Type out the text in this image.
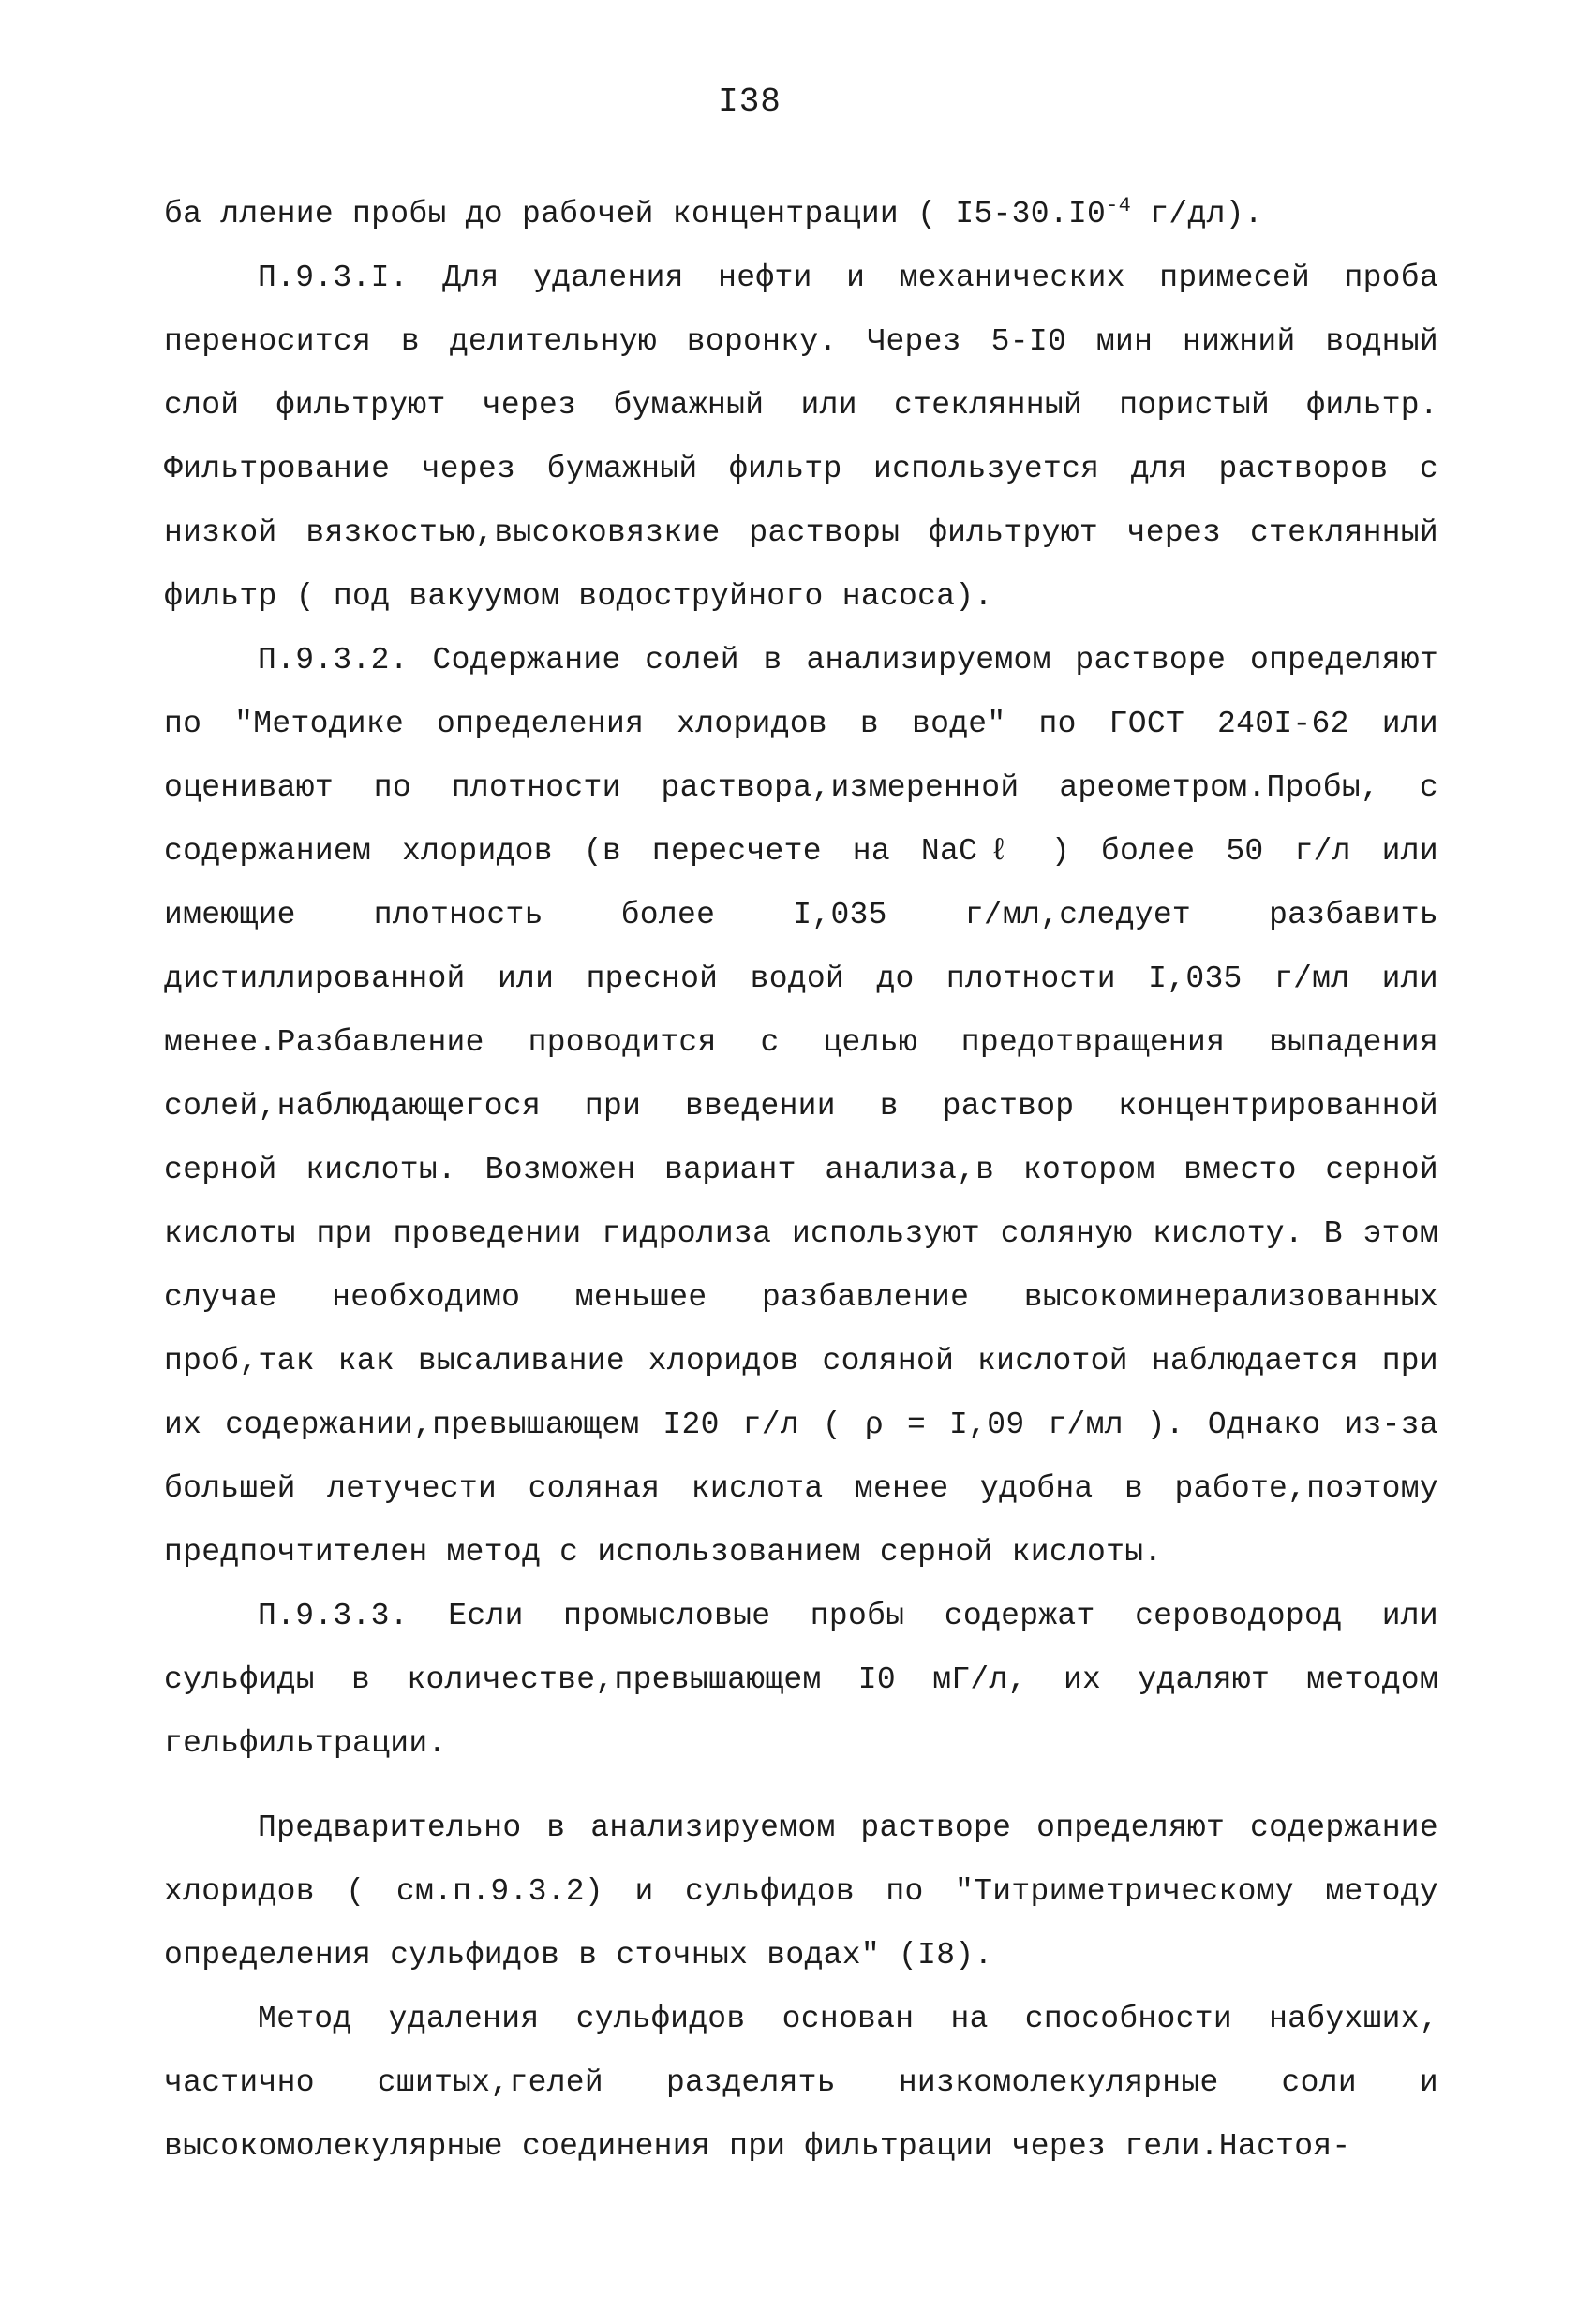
I38

бa лление пробы до рабочей концентрации ( $I5-30.I0^{-4}$ г/дл).

П.9.3.I. Для удаления нефти и механических примесей проба переносится в делительную воронку. Через 5-I0 мин нижний водный слой фильтруют через бумажный или стеклянный пористый фильтр. Фильтрование через бумажный фильтр используется для растворов с низкой вязкостью,высоковязкие растворы фильтруют через стеклянный фильтр ( под вакуумом водоструйного насоса).

П.9.3.2. Содержание солей в анализируемом растворе определяют по "Методике определения хлоридов в воде" по ГОСТ 240I-62 или оценивают по плотности раствора,измеренной ареометром.Пробы, с содержанием хлоридов (в пересчете на NaCℓ ) более 50 г/л или имеющие плотность более I,035 г/мл,следует разбавить дистиллированной или пресной водой до плотности I,035 г/мл или менее.Разбавление проводится с целью предотвращения выпадения солей,наблюдающегося при введении в раствор концентрированной серной кислоты. Возможен вариант анализа,в котором вместо серной кислоты при проведении гидролиза используют соляную кислоту. В этом случае необходимо меньшее разбавление высокоминерализованных проб,так как высаливание хлоридов соляной кислотой наблюдается при их содержании,превышающем I20 г/л ( ρ = I,09 г/мл ). Однако из-за большей летучести соляная кислота менее удобна в работе,поэтому предпочтителен метод с использованием серной кислоты.

П.9.3.3. Если промысловые пробы содержат сероводород или сульфиды в количестве,превышающем I0 мГ/л, их удаляют методом гельфильтрации.

Предварительно в анализируемом растворе определяют содержание хлоридов ( см.п.9.3.2) и сульфидов по "Титриметрическому методу определения сульфидов в сточных водах" (I8).

Метод удаления сульфидов основан на способности набухших, частично сшитых,гелей разделять низкомолекулярные соли и высокомолекулярные соединения при фильтрации через гели.Настоя-
